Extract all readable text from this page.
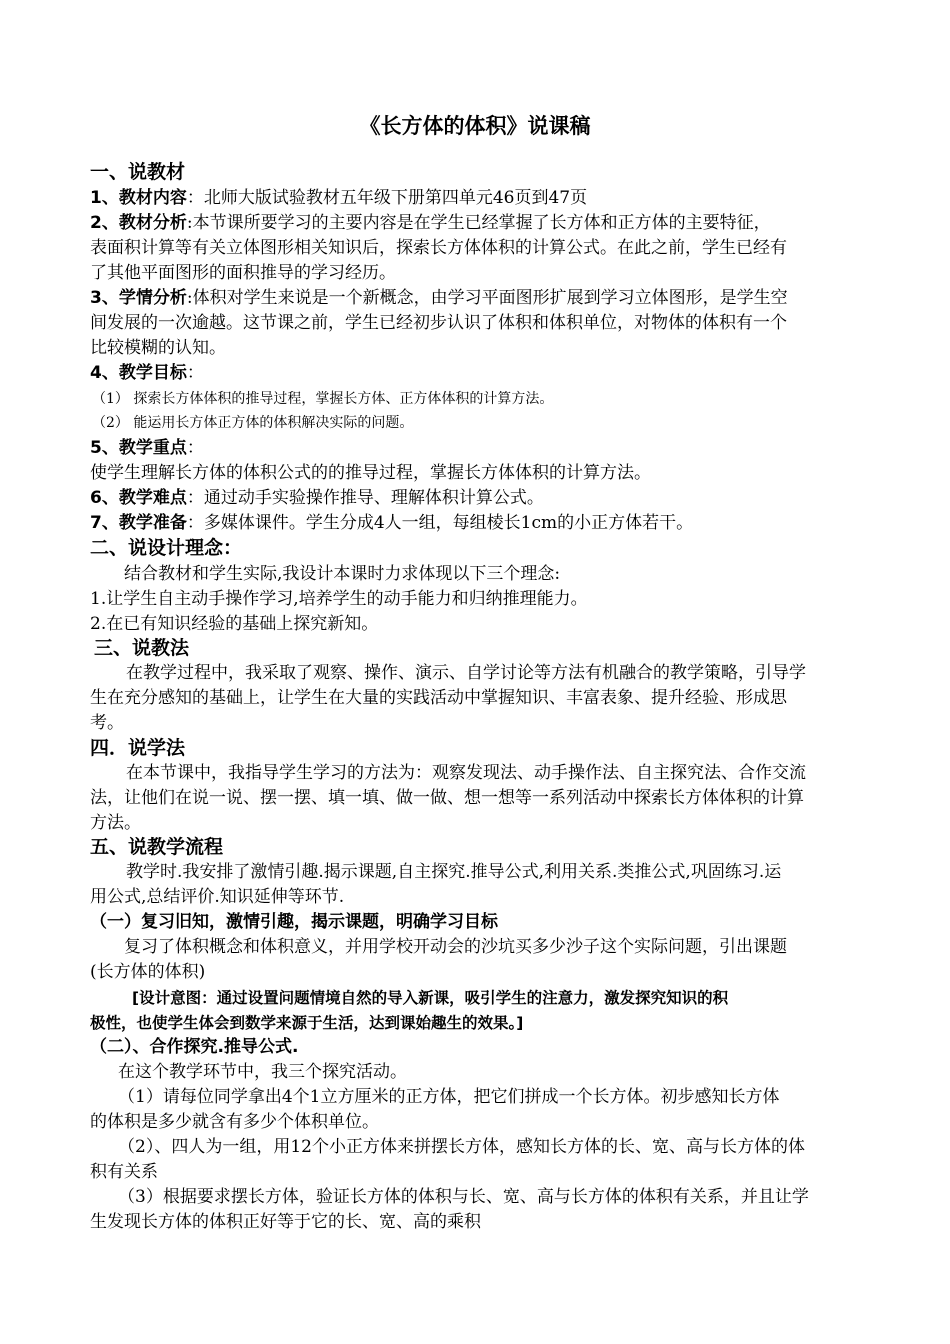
《长方体的体积》说课稿
一、说教材
1、教材内容：北师大版试验教材五年级下册第四单元46页到47页
2、教材分析:本节课所要学习的主要内容是在学生已经掌握了长方体和正方体的主要特征，
表面积计算等有关立体图形相关知识后，探索长方体体积的计算公式。在此之前，学生已经有
了其他平面图形的面积推导的学习经历。
3、学情分析:体积对学生来说是一个新概念，由学习平面图形扩展到学习立体图形，是学生空
间发展的一次逾越。这节课之前，学生已经初步认识了体积和体积单位，对物体的体积有一个
比较模糊的认知。
4、教学目标：
（1） 探索长方体体积的推导过程，掌握长方体、正方体体积的计算方法。
（2） 能运用长方体正方体的体积解决实际的问题。
5、教学重点：
使学生理解长方体的体积公式的的推导过程，掌握长方体体积的计算方法。
6、教学难点：通过动手实验操作推导、理解体积计算公式。
7、教学准备：多媒体课件。学生分成4人一组，每组棱长1cm的小正方体若干。
二、说设计理念：
结合教材和学生实际,我设计本课时力求体现以下三个理念:
1.让学生自主动手操作学习,培养学生的动手能力和归纳推理能力。
2.在已有知识经验的基础上探究新知。
三、说教法
在教学过程中，我采取了观察、操作、演示、自学讨论等方法有机融合的教学策略，引导学
生在充分感知的基础上，让学生在大量的实践活动中掌握知识、丰富表象、提升经验、形成思
考。
四．说学法
在本节课中，我指导学生学习的方法为：观察发现法、动手操作法、自主探究法、合作交流
法，让他们在说一说、摆一摆、填一填、做一做、想一想等一系列活动中探索长方体体积的计算
方法。
五、说教学流程
教学时.我安排了激情引趣.揭示课题,自主探究.推导公式,利用关系.类推公式,巩固练习.运
用公式,总结评价.知识延伸等环节.
（一）复习旧知，激情引趣，揭示课题，明确学习目标
复习了体积概念和体积意义，并用学校开动会的沙坑买多少沙子这个实际问题，引出课题
(长方体的体积)
[设计意图：通过设置问题情境自然的导入新课，吸引学生的注意力，激发探究知识的积
极性，也使学生体会到数学来源于生活，达到课始趣生的效果。]
（二）、合作探究.推导公式.
在这个教学环节中，我三个探究活动。
（1）请每位同学拿出4个1立方厘米的正方体，把它们拼成一个长方体。初步感知长方体
的体积是多少就含有多少个体积单位。
（2）、四人为一组，用12个小正方体来拼摆长方体，感知长方体的长、宽、高与长方体的体
积有关系
（3）根据要求摆长方体，验证长方体的体积与长、宽、高与长方体的体积有关系，并且让学
生发现长方体的体积正好等于它的长、宽、高的乘积
